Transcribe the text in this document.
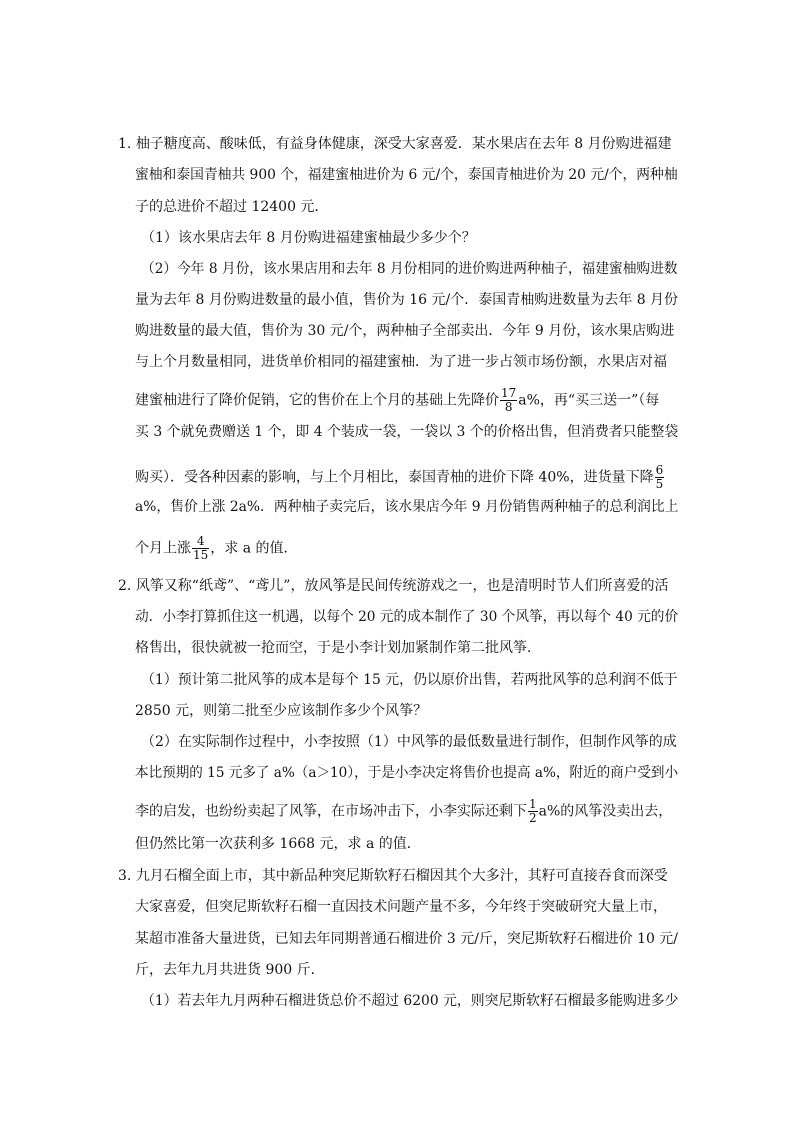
1. 柚子糖度高、酸味低，有益身体健康，深受大家喜爱．某水果店在去年 8 月份购进福建
蜜柚和泰国青柚共 900 个，福建蜜柚进价为 6 元/个，泰国青柚进价为 20 元/个，两种柚
子的总进价不超过 12400 元．
（1）该水果店去年 8 月份购进福建蜜柚最少多少个？
（2）今年 8 月份，该水果店用和去年 8 月份相同的进价购进两种柚子，福建蜜柚购进数
量为去年 8 月份购进数量的最小值，售价为 16 元/个．泰国青柚购进数量为去年 8 月份
购进数量的最大值，售价为 30 元/个，两种柚子全部卖出．今年 9 月份，该水果店购进
与上个月数量相同，进货单价相同的福建蜜柚．为了进一步占领市场份额，水果店对福
建蜜柚进行了降价促销，它的售价在上个月的基础上先降价 $\frac{17}{8} a\%$，再“买三送一”（每
买 3 个就免费赠送 1 个，即 4 个装成一袋，一袋以 3 个的价格出售，但消费者只能整袋
购买）．受各种因素的影响，与上个月相比，泰国青柚的进价下降 40%，进货量下降 $\frac{6}{5}$
a%，售价上涨 2a%．两种柚子卖完后，该水果店今年 9 月份销售两种柚子的总利润比上
个月上涨 $\frac{4}{15}$ ，求 a 的值．
2. 风筝又称“纸鸢”、“鸢儿”，放风筝是民间传统游戏之一，也是清明时节人们所喜爱的活
动．小李打算抓住这一机遇，以每个 20 元的成本制作了 30 个风筝，再以每个 40 元的价
格售出，很快就被一抢而空，于是小李计划加紧制作第二批风筝．
（1）预计第二批风筝的成本是每个 15 元，仍以原价出售，若两批风筝的总利润不低于
2850 元，则第二批至少应该制作多少个风筝？
（2）在实际制作过程中，小李按照（1）中风筝的最低数量进行制作，但制作风筝的成
本比预期的 15 元多了 a%（a＞10），于是小李决定将售价也提高 a%，附近的商户受到小
李的启发，也纷纷卖起了风筝，在市场冲击下，小李实际还剩下 $\frac{1}{2} a\%$的风筝没卖出去，
但仍然比第一次获利多 1668 元，求 a 的值．
3. 九月石榴全面上市，其中新品种突尼斯软籽石榴因其个大多汁，其籽可直接吞食而深受
大家喜爱，但突尼斯软籽石榴一直因技术问题产量不多，今年终于突破研究大量上市，
某超市准备大量进货，已知去年同期普通石榴进价 3 元/斤，突尼斯软籽石榴进价 10 元/
斤，去年九月共进货 900 斤．
（1）若去年九月两种石榴进货总价不超过 6200 元，则突尼斯软籽石榴最多能购进多少
